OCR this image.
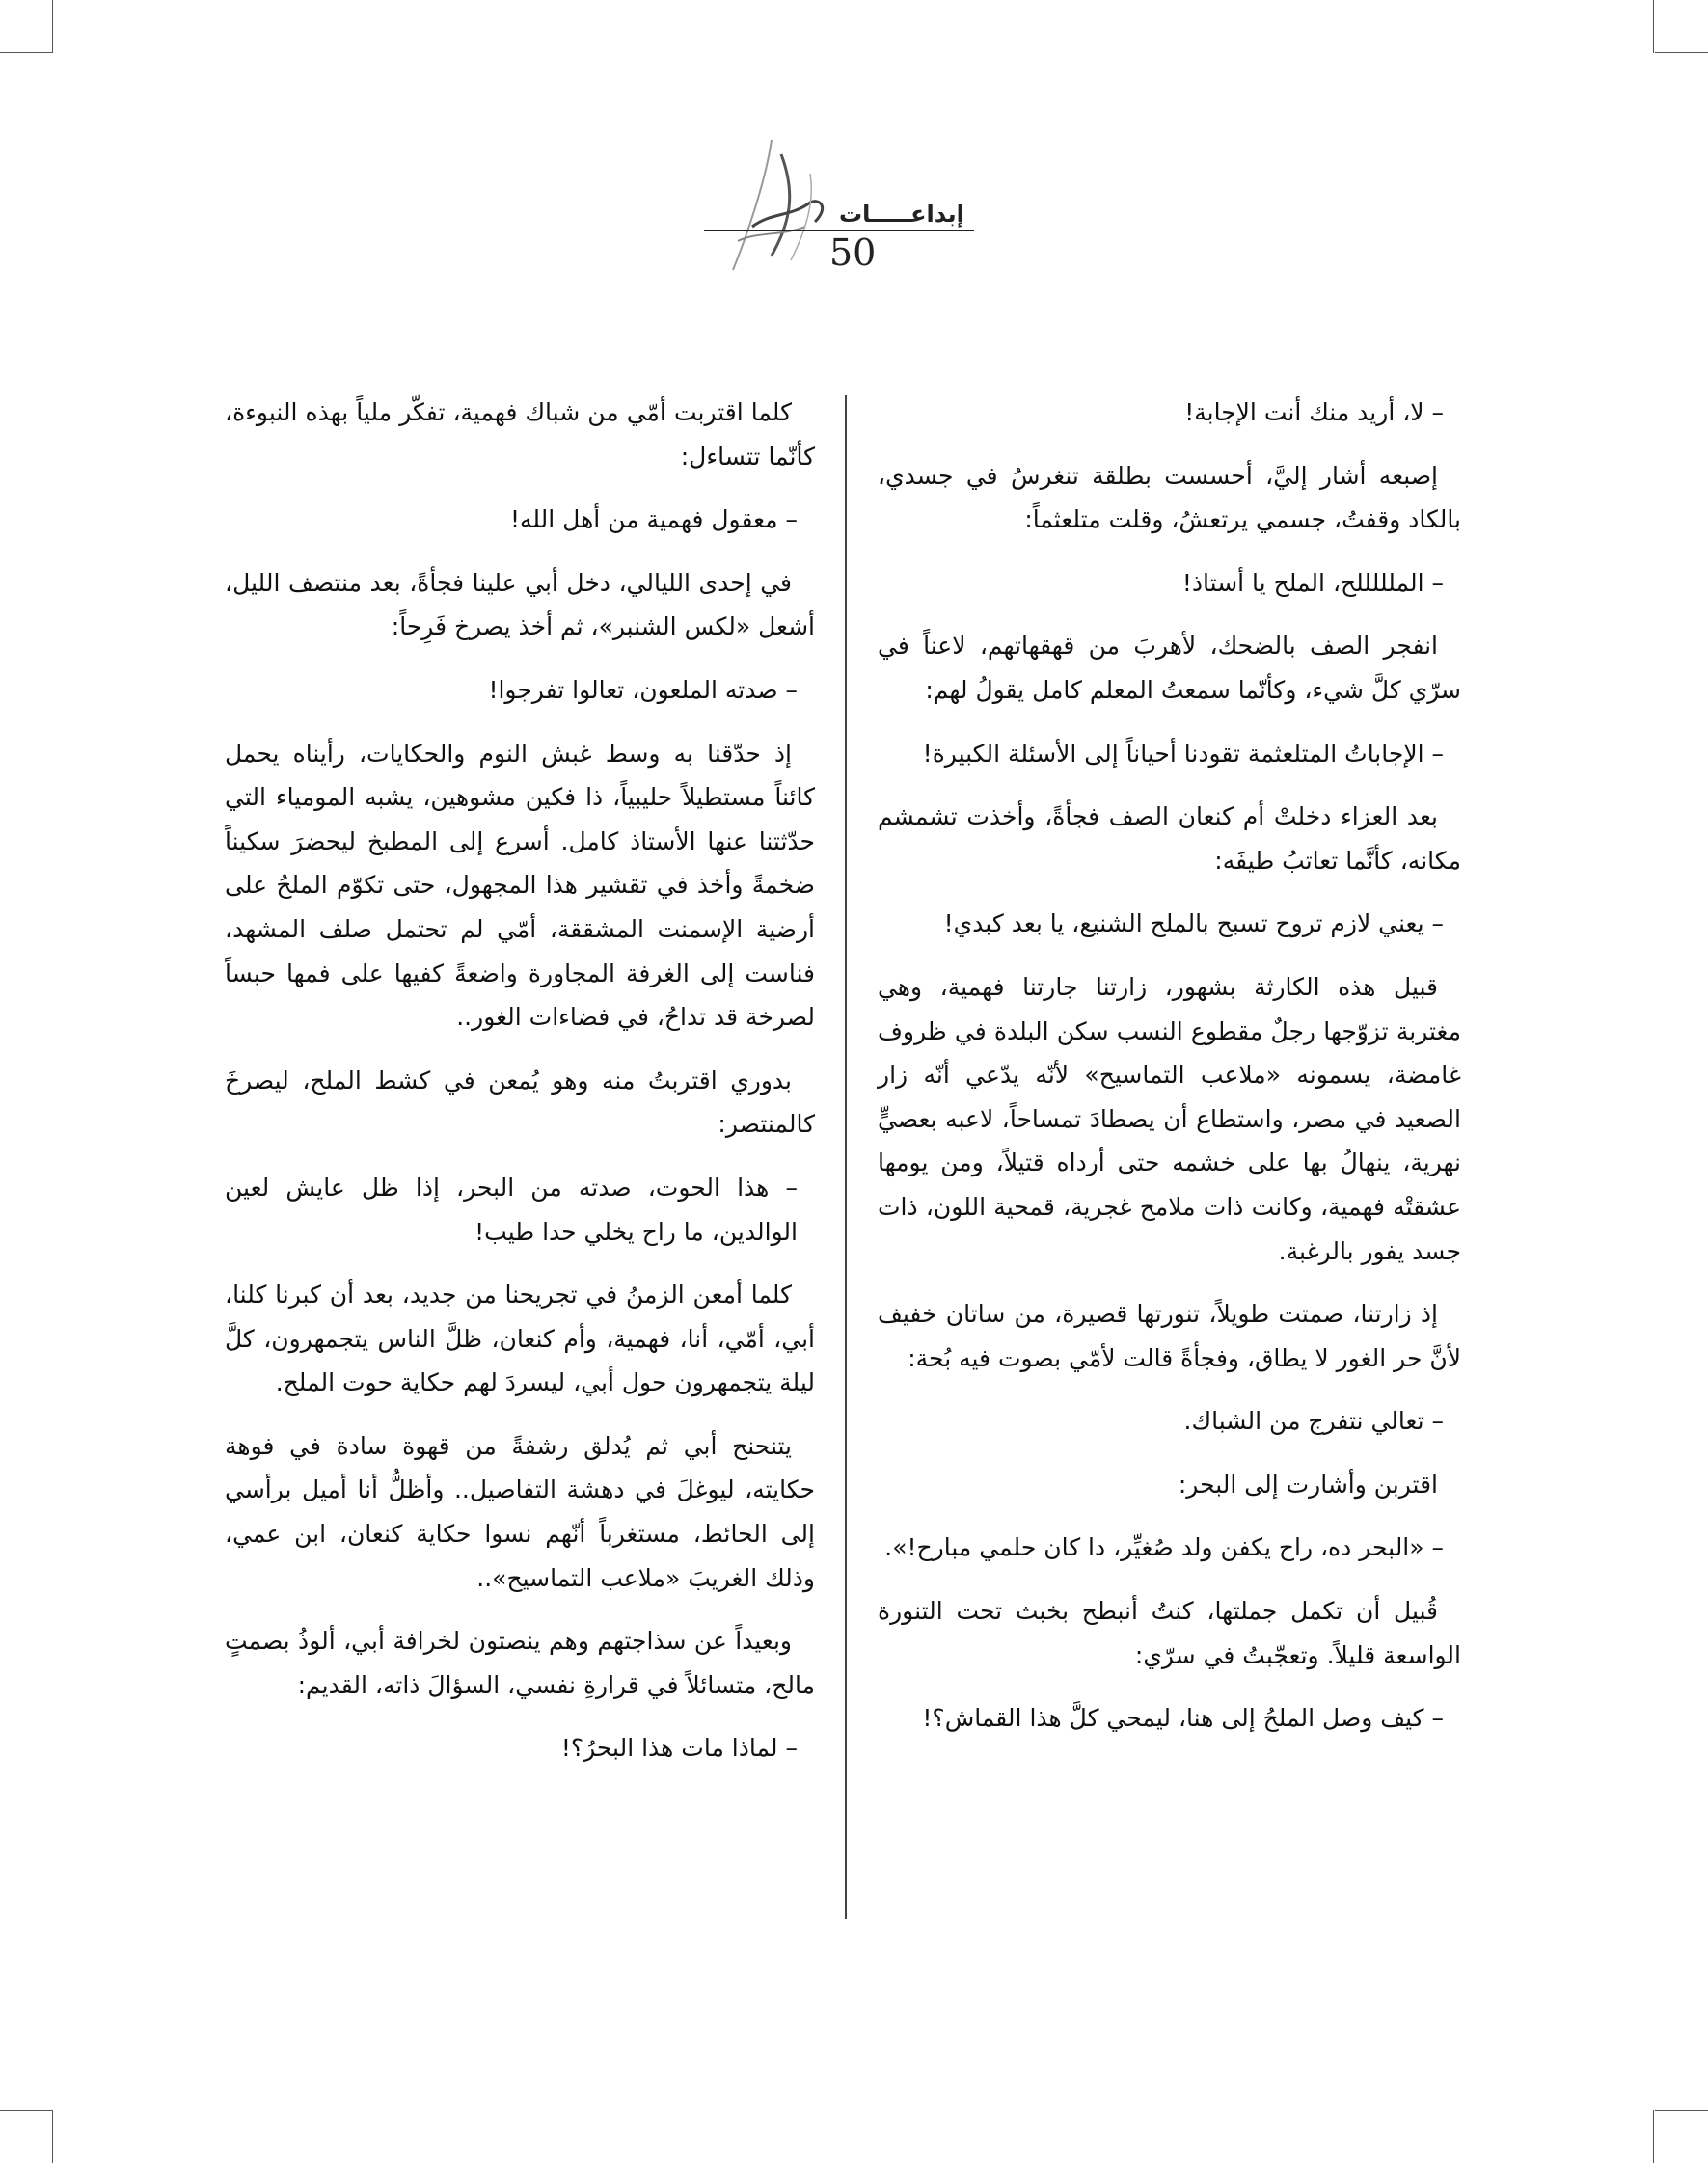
إبداعـــــات
50

– لا، أريد منك أنت الإجابة!

إصبعه أشار إليَّ، أحسست بطلقة تنغرسُ في جسدي، بالكاد وقفتُ، جسمي يرتعشُ، وقلت متلعثماً:

– الملللللح، الملح يا أستاذ!

انفجر الصف بالضحك، لأهربَ من قهقهاتهم، لاعناً في سرّي كلَّ شيء، وكأنّما سمعتُ المعلم كامل يقولُ لهم:

– الإجاباتُ المتلعثمة تقودنا أحياناً إلى الأسئلة الكبيرة!

بعد العزاء دخلتْ أم كنعان الصف فجأةً، وأخذت تشمشم مكانه، كأنَّما تعاتبُ طيفَه:

– يعني لازم تروح تسبح بالملح الشنيع، يا بعد كبدي!

قبيل هذه الكارثة بشهور، زارتنا جارتنا فهمية، وهي مغتربة تزوّجها رجلٌ مقطوع النسب سكن البلدة في ظروف غامضة، يسمونه «ملاعب التماسيح» لأنّه يدّعي أنّه زار الصعيد في مصر، واستطاع أن يصطادَ تمساحاً، لاعبه بعصيٍّ نهرية، ينهالُ بها على خشمه حتى أرداه قتيلاً، ومن يومها عشقتْه فهمية، وكانت ذات ملامح غجرية، قمحية اللون، ذات جسد يفور بالرغبة.

إذ زارتنا، صمتت طويلاً، تنورتها قصيرة، من ساتان خفيف لأنَّ حر الغور لا يطاق، وفجأةً قالت لأمّي بصوت فيه بُحة:

– تعالي نتفرج من الشباك.

اقتربن وأشارت إلى البحر:

– «البحر ده، راح يكفن ولد صُغيِّر، دا كان حلمي مبارح!».

قُبيل أن تكمل جملتها، كنتُ أنبطح بخبث تحت التنورة الواسعة قليلاً. وتعجّبتُ في سرّي:

– كيف وصل الملحُ إلى هنا، ليمحي كلَّ هذا القماش؟!

كلما اقتربت أمّي من شباك فهمية، تفكّر ملياً بهذه النبوءة، كأنّما تتساءل:

– معقول فهمية من أهل الله!

في إحدى الليالي، دخل أبي علينا فجأةً، بعد منتصف الليل، أشعل «لكس الشنبر»، ثم أخذ يصرخ فَرِحاً:

– صدته الملعون، تعالوا تفرجوا!

إذ حدّقنا به وسط غبش النوم والحكايات، رأيناه يحمل كائناً مستطيلاً حليبياً، ذا فكين مشوهين، يشبه المومياء التي حدّثتنا عنها الأستاذ كامل. أسرع إلى المطبخ ليحضرَ سكيناً ضخمةً وأخذ في تقشير هذا المجهول، حتى تكوّم الملحُ على أرضية الإسمنت المشققة، أمّي لم تحتمل صلف المشهد، فناست إلى الغرفة المجاورة واضعةً كفيها على فمها حبساً لصرخة قد تداحُ، في فضاءات الغور..

بدوري اقتربتُ منه وهو يُمعن في كشط الملح، ليصرخَ كالمنتصر:

– هذا الحوت، صدته من البحر، إذا ظل عايش لعين الوالدين، ما راح يخلي حدا طيب!

كلما أمعن الزمنُ في تجريحنا من جديد، بعد أن كبرنا كلنا، أبي، أمّي، أنا، فهمية، وأم كنعان، ظلَّ الناس يتجمهرون، كلَّ ليلة يتجمهرون حول أبي، ليسردَ لهم حكاية حوت الملح.

يتنحنح أبي ثم يُدلق رشفةً من قهوة سادة في فوهة حكايته، ليوغلَ في دهشة التفاصيل.. وأظلُّ أنا أميل برأسي إلى الحائط، مستغرباً أنّهم نسوا حكاية كنعان، ابن عمي، وذلك الغريبَ «ملاعب التماسيح»..

وبعيداً عن سذاجتهم وهم ينصتون لخرافة أبي، ألوذُ بصمتٍ مالح، متسائلاً في قرارةِ نفسي، السؤالَ ذاته، القديم:

– لماذا مات هذا البحرُ؟!
